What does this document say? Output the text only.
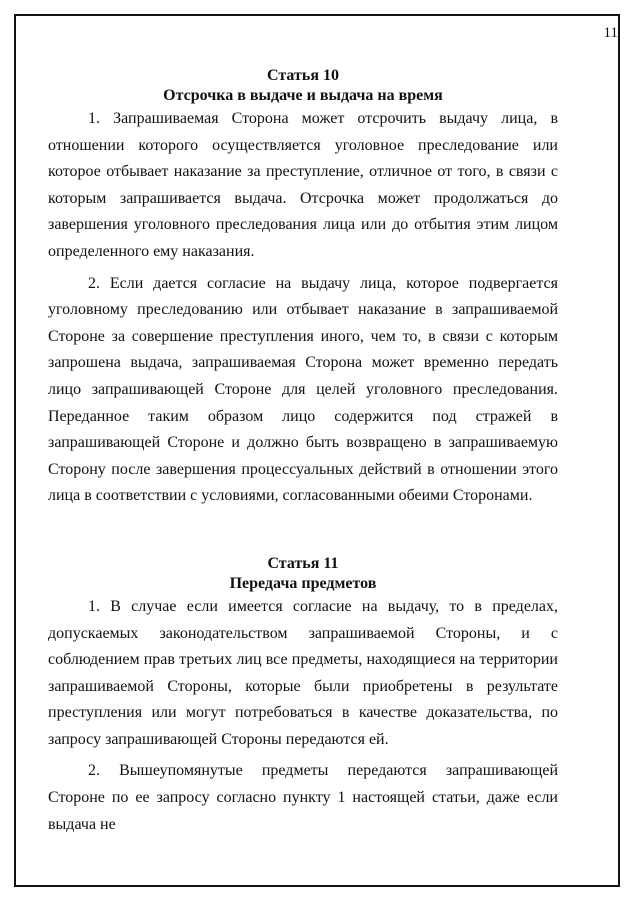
11

Статья 10

Отсрочка в выдаче и выдача на время

1. Запрашиваемая Сторона может отсрочить выдачу лица, в отношении которого осуществляется уголовное преследование или которое отбывает наказание за преступление, отличное от того, в связи с которым запрашивается выдача. Отсрочка может продолжаться до завершения уголовного преследования лица или до отбытия этим лицом определенного ему наказания.

2. Если дается согласие на выдачу лица, которое подвергается уголовному преследованию или отбывает наказание в запрашиваемой Стороне за совершение преступления иного, чем то, в связи с которым запрошена выдача, запрашиваемая Сторона может временно передать лицо запрашивающей Стороне для целей уголовного преследования. Переданное таким образом лицо содержится под стражей в запрашивающей Стороне и должно быть возвращено в запрашиваемую Сторону после завершения процессуальных действий в отношении этого лица в соответствии с условиями, согласованными обеими Сторонами.

Статья 11

Передача предметов

1. В случае если имеется согласие на выдачу, то в пределах, допускаемых законодательством запрашиваемой Стороны, и с соблюдением прав третьих лиц все предметы, находящиеся на территории запрашиваемой Стороны, которые были приобретены в результате преступления или могут потребоваться в качестве доказательства, по запросу запрашивающей Стороны передаются ей.

2. Вышеупомянутые предметы передаются запрашивающей Стороне по ее запросу согласно пункту 1 настоящей статьи, даже если выдача не
